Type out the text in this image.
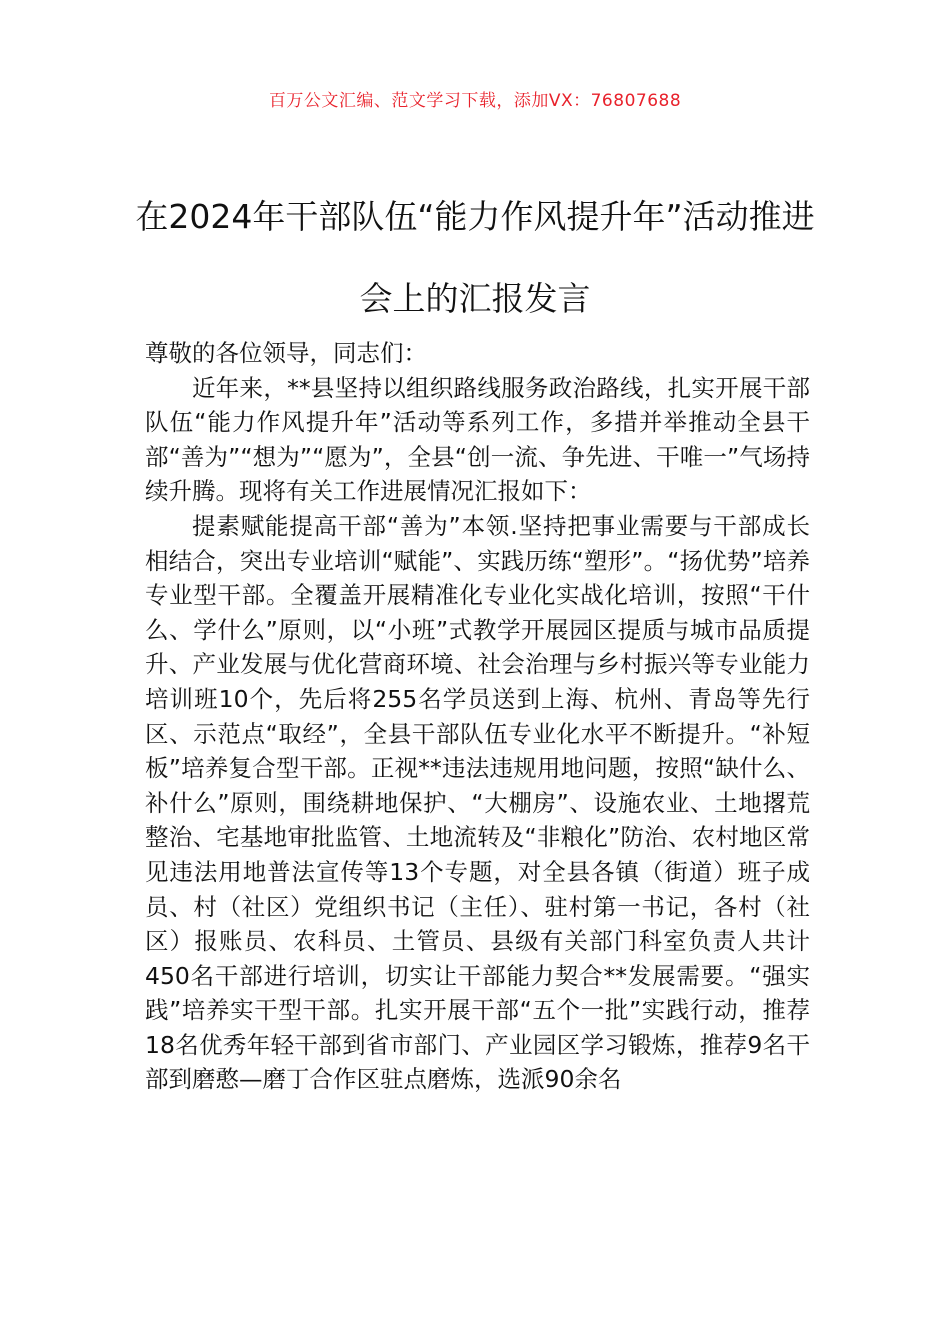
百万公文汇编、范文学习下载，添加VX：76807688
在2024年干部队伍“能力作风提升年”活动推进会上的汇报发言

尊敬的各位领导，同志们：

近年来，**县坚持以组织路线服务政治路线，扎实开展干部队伍“能力作风提升年”活动等系列工作，多措并举推动全县干部“善为”“想为”“愿为”，全县“创一流、争先进、干唯一”气场持续升腾。现将有关工作进展情况汇报如下：

提素赋能提高干部“善为”本领.坚持把事业需要与干部成长相结合，突出专业培训“赋能”、实践历练“塑形”。“扬优势”培养专业型干部。全覆盖开展精准化专业化实战化培训，按照“干什么、学什么”原则，以“小班”式教学开展园区提质与城市品质提升、产业发展与优化营商环境、社会治理与乡村振兴等专业能力培训班10个，先后将255名学员送到上海、杭州、青岛等先行区、示范点“取经”，全县干部队伍专业化水平不断提升。“补短板”培养复合型干部。正视**违法违规用地问题，按照“缺什么、补什么”原则，围绕耕地保护、“大棚房”、设施农业、土地撂荒整治、宅基地审批监管、土地流转及“非粮化”防治、农村地区常见违法用地普法宣传等13个专题，对全县各镇（街道）班子成员、村（社区）党组织书记（主任）、驻村第一书记，各村（社区）报账员、农科员、土管员、县级有关部门科室负责人共计450名干部进行培训，切实让干部能力契合**发展需要。“强实践”培养实干型干部。扎实开展干部“五个一批”实践行动，推荐18名优秀年轻干部到省市部门、产业园区学习锻炼，推荐9名干部到磨憨—磨丁合作区驻点磨炼，选派90余名
